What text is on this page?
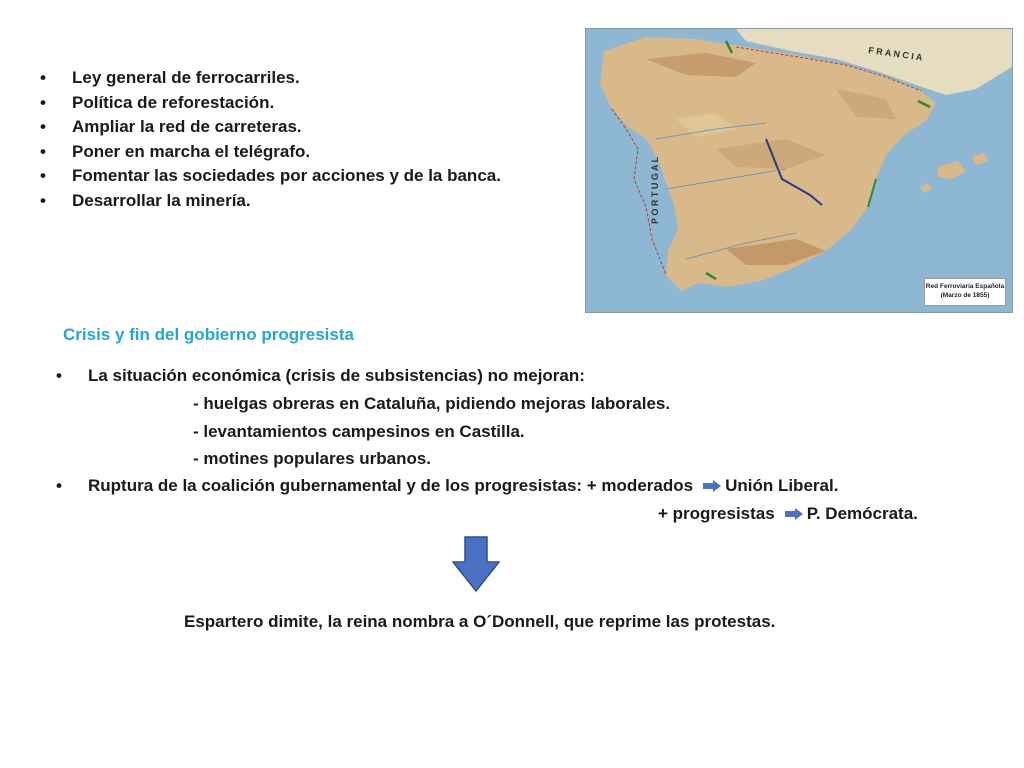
• Ley general de ferrocarriles.
• Política de reforestación.
• Ampliar la red de carreteras.
• Poner en marcha el telégrafo.
• Fomentar las sociedades por acciones y de la banca.
• Desarrollar la minería.
F R A N C I A
P O R T U G A L
Red Ferroviaria Española
(Marzo de 1855)
Crisis y fin del gobierno progresista
• La situación económica (crisis de subsistencias) no mejoran:
- huelgas obreras en Cataluña, pidiendo mejoras laborales.
- levantamientos campesinos en Castilla.
- motines populares urbanos.
• Ruptura de la coalición gubernamental y de los progresistas: + moderados Unión Liberal.
+ progresistas P. Demócrata.
Espartero dimite, la reina nombra a O´Donnell, que reprime las protestas.
